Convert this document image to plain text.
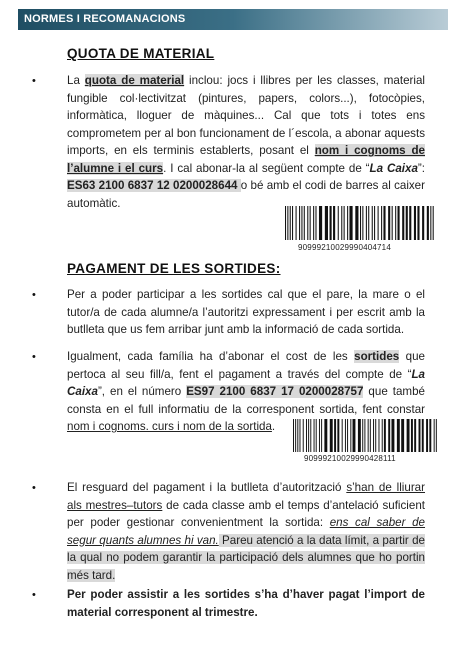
NORMES I RECOMANACIONS
QUOTA DE MATERIAL
•	La quota de material inclou: jocs i llibres per les classes, material fungible col·lectivitzat (pintures, papers, colors...), fotocòpies, informàtica, lloguer de màquines... Cal que tots i totes ens comprometem per al bon funcionament de l´escola, a abonar aquests imports, en els terminis establerts, posant el nom i cognoms de l’alumne i el curs. I cal abonar-la al següent compte de “La Caixa”: ES63 2100 6837 12 0200028644 o bé amb el codi de barres al caixer automàtic.
90999210029990404714
PAGAMENT DE LES SORTIDES:
•	Per a poder participar a les sortides cal que el pare, la mare o el tutor/a de cada alumne/a l’autoritzi expressament i per escrit amb la butlleta que us fem arribar junt amb la informació de cada sortida.
•	Igualment, cada família ha d’abonar el cost de les sortides que pertoca al seu fill/a, fent el pagament a través del compte de “La Caixa”, en el número ES97 2100 6837 17 0200028757 que també consta en el full informatiu de la corresponent sortida, fent constar nom i cognoms. curs i nom de la sortida.
90999210029990428111
•	El resguard del pagament i la butlleta d’autorització s’han de lliurar als mestres–tutors de cada classe amb el temps d’antelació suficient per poder gestionar convenientment la sortida: ens cal saber de segur quants alumnes hi van. Pareu atenció a la data límit, a partir de la qual no podem garantir la participació dels alumnes que ho portin més tard.
•	Per poder assistir a les sortides s’ha d’haver pagat l’import de material corresponent al trimestre.
